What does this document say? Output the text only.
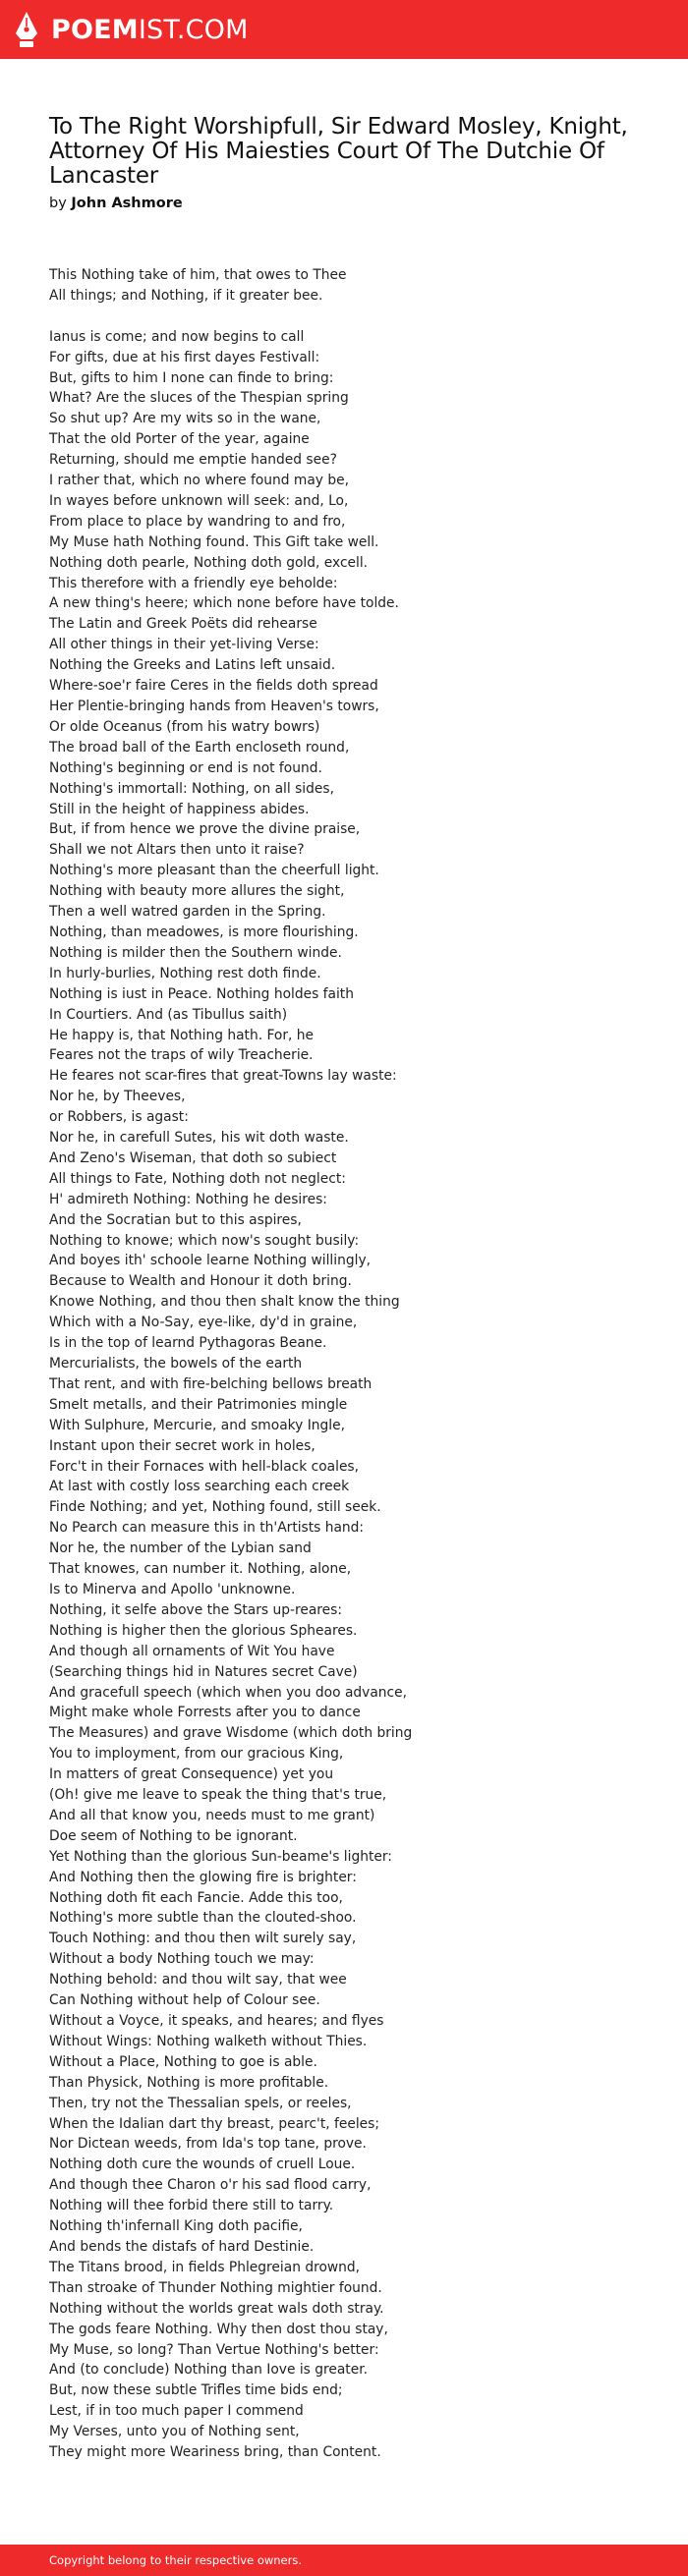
POEMIST.COM
To The Right Worshipfull, Sir Edward Mosley, Knight, Attorney Of His Maiesties Court Of The Dutchie Of Lancaster
by John Ashmore
This Nothing take of him, that owes to Thee
All things; and Nothing, if it greater bee.
Ianus is come; and now begins to call
For gifts, due at his first dayes Festivall:
But, gifts to him I none can finde to bring:
What? Are the sluces of the Thespian spring
So shut up? Are my wits so in the wane,
That the old Porter of the year, againe
Returning, should me emptie handed see?
I rather that, which no where found may be,
In wayes before unknown will seek: and, Lo,
From place to place by wandring to and fro,
My Muse hath Nothing found. This Gift take well.
Nothing doth pearle, Nothing doth gold, excell.
This therefore with a friendly eye beholde:
A new thing's heere; which none before have tolde.
The Latin and Greek Poëts did rehearse
All other things in their yet-living Verse:
Nothing the Greeks and Latins left unsaid.
Where-soe'r faire Ceres in the fields doth spread
Her Plentie-bringing hands from Heaven's towrs,
Or olde Oceanus (from his watry bowrs)
The broad ball of the Earth encloseth round,
Nothing's beginning or end is not found.
Nothing's immortall: Nothing, on all sides,
Still in the height of happiness abides.
But, if from hence we prove the divine praise,
Shall we not Altars then unto it raise?
Nothing's more pleasant than the cheerfull light.
Nothing with beauty more allures the sight,
Then a well watred garden in the Spring.
Nothing, than meadowes, is more flourishing.
Nothing is milder then the Southern winde.
In hurly-burlies, Nothing rest doth finde.
Nothing is iust in Peace. Nothing holdes faith
In Courtiers. And (as Tibullus saith)
He happy is, that Nothing hath. For, he
Feares not the traps of wily Treacherie.
He feares not scar-fires that great-Towns lay waste:
Nor he, by Theeves,
or Robbers, is agast:
Nor he, in carefull Sutes, his wit doth waste.
And Zeno's Wiseman, that doth so subiect
All things to Fate, Nothing doth not neglect:
H' admireth Nothing: Nothing he desires:
And the Socratian but to this aspires,
Nothing to knowe; which now's sought busily:
And boyes ith' schoole learne Nothing willingly,
Because to Wealth and Honour it doth bring.
Knowe Nothing, and thou then shalt know the thing
Which with a No-Say, eye-like, dy'd in graine,
Is in the top of learnd Pythagoras Beane.
Mercurialists, the bowels of the earth
That rent, and with fire-belching bellows breath
Smelt metalls, and their Patrimonies mingle
With Sulphure, Mercurie, and smoaky Ingle,
Instant upon their secret work in holes,
Forc't in their Fornaces with hell-black coales,
At last with costly loss searching each creek
Finde Nothing; and yet, Nothing found, still seek.
No Pearch can measure this in th'Artists hand:
Nor he, the number of the Lybian sand
That knowes, can number it. Nothing, alone,
Is to Minerva and Apollo 'unknowne.
Nothing, it selfe above the Stars up-reares:
Nothing is higher then the glorious Spheares.
And though all ornaments of Wit You have
(Searching things hid in Natures secret Cave)
And gracefull speech (which when you doo advance,
Might make whole Forrests after you to dance
The Measures) and grave Wisdome (which doth bring
You to imployment, from our gracious King,
In matters of great Consequence) yet you
(Oh! give me leave to speak the thing that's true,
And all that know you, needs must to me grant)
Doe seem of Nothing to be ignorant.
Yet Nothing than the glorious Sun-beame's lighter:
And Nothing then the glowing fire is brighter:
Nothing doth fit each Fancie. Adde this too,
Nothing's more subtle than the clouted-shoo.
Touch Nothing: and thou then wilt surely say,
Without a body Nothing touch we may:
Nothing behold: and thou wilt say, that wee
Can Nothing without help of Colour see.
Without a Voyce, it speaks, and heares; and flyes
Without Wings: Nothing walketh without Thies.
Without a Place, Nothing to goe is able.
Than Physick, Nothing is more profitable.
Then, try not the Thessalian spels, or reeles,
When the Idalian dart thy breast, pearc't, feeles;
Nor Dictean weeds, from Ida's top tane, prove.
Nothing doth cure the wounds of cruell Loue.
And though thee Charon o'r his sad flood carry,
Nothing will thee forbid there still to tarry.
Nothing th'infernall King doth pacifie,
And bends the distafs of hard Destinie.
The Titans brood, in fields Phlegreian drownd,
Than stroake of Thunder Nothing mightier found.
Nothing without the worlds great wals doth stray.
The gods feare Nothing. Why then dost thou stay,
My Muse, so long? Than Vertue Nothing's better:
And (to conclude) Nothing than Iove is greater.
But, now these subtle Trifles time bids end;
Lest, if in too much paper I commend
My Verses, unto you of Nothing sent,
They might more Weariness bring, than Content.
Copyright belong to their respective owners.
